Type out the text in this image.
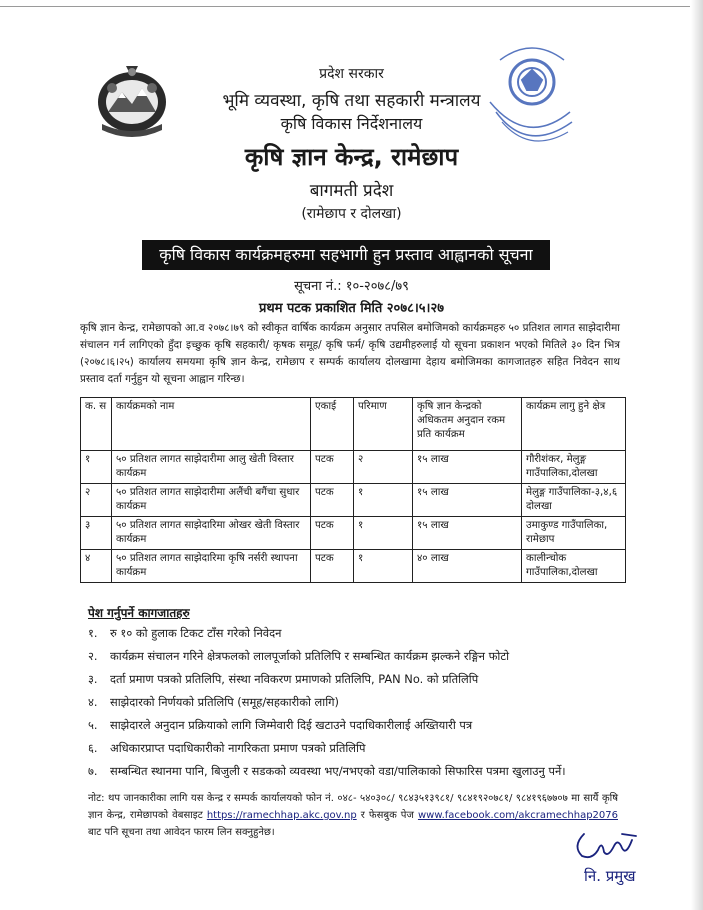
प्रदेश सरकार
भूमि व्यवस्था, कृषि तथा सहकारी मन्त्रालय
कृषि विकास निर्देशनालय
कृषि ज्ञान केन्द्र, रामेछाप
बागमती प्रदेश
(रामेछाप र दोलखा)
कृषि विकास कार्यक्रमहरुमा सहभागी हुन प्रस्ताव आह्वानको सूचना
सूचना नं.: १०-२०७८/७९
प्रथम पटक प्रकाशित मिति २०७८।५।२७
कृषि ज्ञान केन्द्र, रामेछापको आ.व २०७८।७९ को स्वीकृत वार्षिक कार्यक्रम अनुसार तपसिल बमोजिमको कार्यक्रमहरु ५० प्रतिशत लागत साझेदारीमा संचालन गर्न लागिएको हुँदा इच्छुक कृषि सहकारी/ कृषक समूह/ कृषि फर्म/ कृषि उद्यमीहरुलाई यो सूचना प्रकाशन भएको मितिले ३० दिन भित्र (२०७८।६।२५) कार्यालय समयमा कृषि ज्ञान केन्द्र, रामेछाप र सम्पर्क कार्यालय दोलखामा देहाय बमोजिमका कागजातहरु सहित निवेदन साथ प्रस्ताव दर्ता गर्नुहुन यो सूचना आह्वान गरिन्छ।
क. स	कार्यक्रमको नाम	एकाई	परिमाण	कृषि ज्ञान केन्द्रको अधिकतम अनुदान रकम प्रति कार्यक्रम	कार्यक्रम लागु हुने क्षेत्र
१	५० प्रतिशत लागत साझेदारीमा आलु खेती विस्तार कार्यक्रम	पटक	२	१५ लाख	गौरीशंकर, मेलुङ्ग गाउँपालिका,दोलखा
२	५० प्रतिशत लागत साझेदारीमा अलैंची बगैंचा सुधार कार्यक्रम	पटक	१	१५ लाख	मेलुङ्ग गाउँपालिका-३,४,६ दोलखा
३	५० प्रतिशत लागत साझेदारिमा ओखर खेती विस्तार कार्यक्रम	पटक	१	१५ लाख	उमाकुण्ड गाउँपालिका, रामेछाप
४	५० प्रतिशत लागत साझेदारिमा कृषि नर्सरी स्थापना कार्यक्रम	पटक	१	४० लाख	कालीन्चोक गाउँपालिका,दोलखा
पेश गर्नुपर्ने कागजातहरु
१. रु १० को हुलाक टिकट टाँस गरेको निवेदन
२. कार्यक्रम संचालन गरिने क्षेत्रफलको लालपूर्जाको प्रतिलिपि र सम्बन्धित कार्यक्रम झल्कने रङ्गिन फोटो
३. दर्ता प्रमाण पत्रको प्रतिलिपि, संस्था नविकरण प्रमाणको प्रतिलिपि, PAN No. को प्रतिलिपि
४. साझेदारको निर्णयको प्रतिलिपि (समूह/सहकारीको लागि)
५. साझेदारले अनुदान प्रक्रियाको लागि जिम्मेवारी दिई खटाउने पदाधिकारीलाई अख्तियारी पत्र
६. अधिकारप्राप्त पदाधिकारीको नागरिकता प्रमाण पत्रको प्रतिलिपि
७. सम्बन्धित स्थानमा पानि, बिजुली र सडकको व्यवस्था भए/नभएको वडा/पालिकाको सिफारिस पत्रमा खुलाउनु पर्ने।
नोट: थप जानकारीका लागि यस केन्द्र र सम्पर्क कार्यालयको फोन नं. ०४८- ५४०३०८/ ९८४३५१३९८१/ ९८४१९२०७८१/ ९८४१९६७७०७ मा सार्यै कृषि ज्ञान केन्द्र, रामेछापको वेबसाइट https://ramechhap.akc.gov.np र फेसबुक पेज www.facebook.com/akcramechhap2076 बाट पनि सूचना तथा आवेदन फारम लिन सक्नुहुनेछ।
नि. प्रमुख
